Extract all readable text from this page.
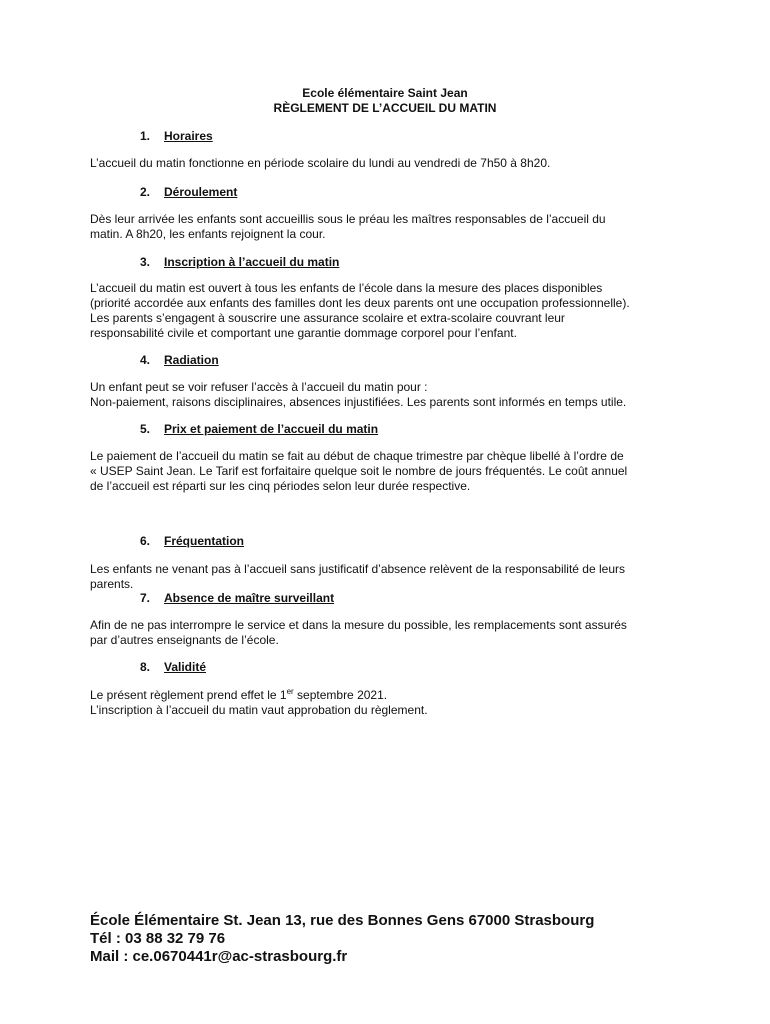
Ecole élémentaire Saint Jean
RÈGLEMENT DE L’ACCUEIL DU MATIN
1. Horaires
L’accueil du matin fonctionne en période scolaire du lundi au vendredi de 7h50 à 8h20.
2. Déroulement
Dès leur arrivée les enfants sont accueillis sous le préau les maîtres responsables de l’accueil du
matin. A 8h20, les enfants rejoignent la cour.
3. Inscription à l’accueil du matin
L’accueil du matin est ouvert à tous les enfants de l’école dans la mesure des places disponibles
(priorité accordée aux enfants des familles dont les deux parents ont une occupation professionnelle).
Les parents s’engagent à souscrire une assurance scolaire et extra-scolaire couvrant leur
responsabilité civile et comportant une garantie dommage corporel pour l’enfant.
4. Radiation
Un enfant peut se voir refuser l’accès à l’accueil du matin pour :
Non-paiement, raisons disciplinaires, absences injustifiées. Les parents sont informés en temps utile.
5. Prix et paiement de l’accueil du matin
Le paiement de l’accueil du matin se fait au début de chaque trimestre par chèque libellé à l’ordre de
« USEP Saint Jean. Le Tarif est forfaitaire quelque soit le nombre de jours fréquentés. Le coût annuel
de l’accueil est réparti sur les cinq périodes selon leur durée respective.
6. Fréquentation
Les enfants ne venant pas à l’accueil sans justificatif d’absence relèvent de la responsabilité de leurs
parents.
7. Absence de maître surveillant
Afin de ne pas interrompre le service et dans la mesure du possible, les remplacements sont assurés
par d’autres enseignants de l’école.
8. Validité
Le présent règlement prend effet le 1er septembre 2021.
L’inscription à l’accueil du matin vaut approbation du règlement.
École Élémentaire St. Jean 13, rue des Bonnes Gens 67000 Strasbourg
Tél : 03 88 32 79 76
Mail : ce.0670441r@ac-strasbourg.fr
